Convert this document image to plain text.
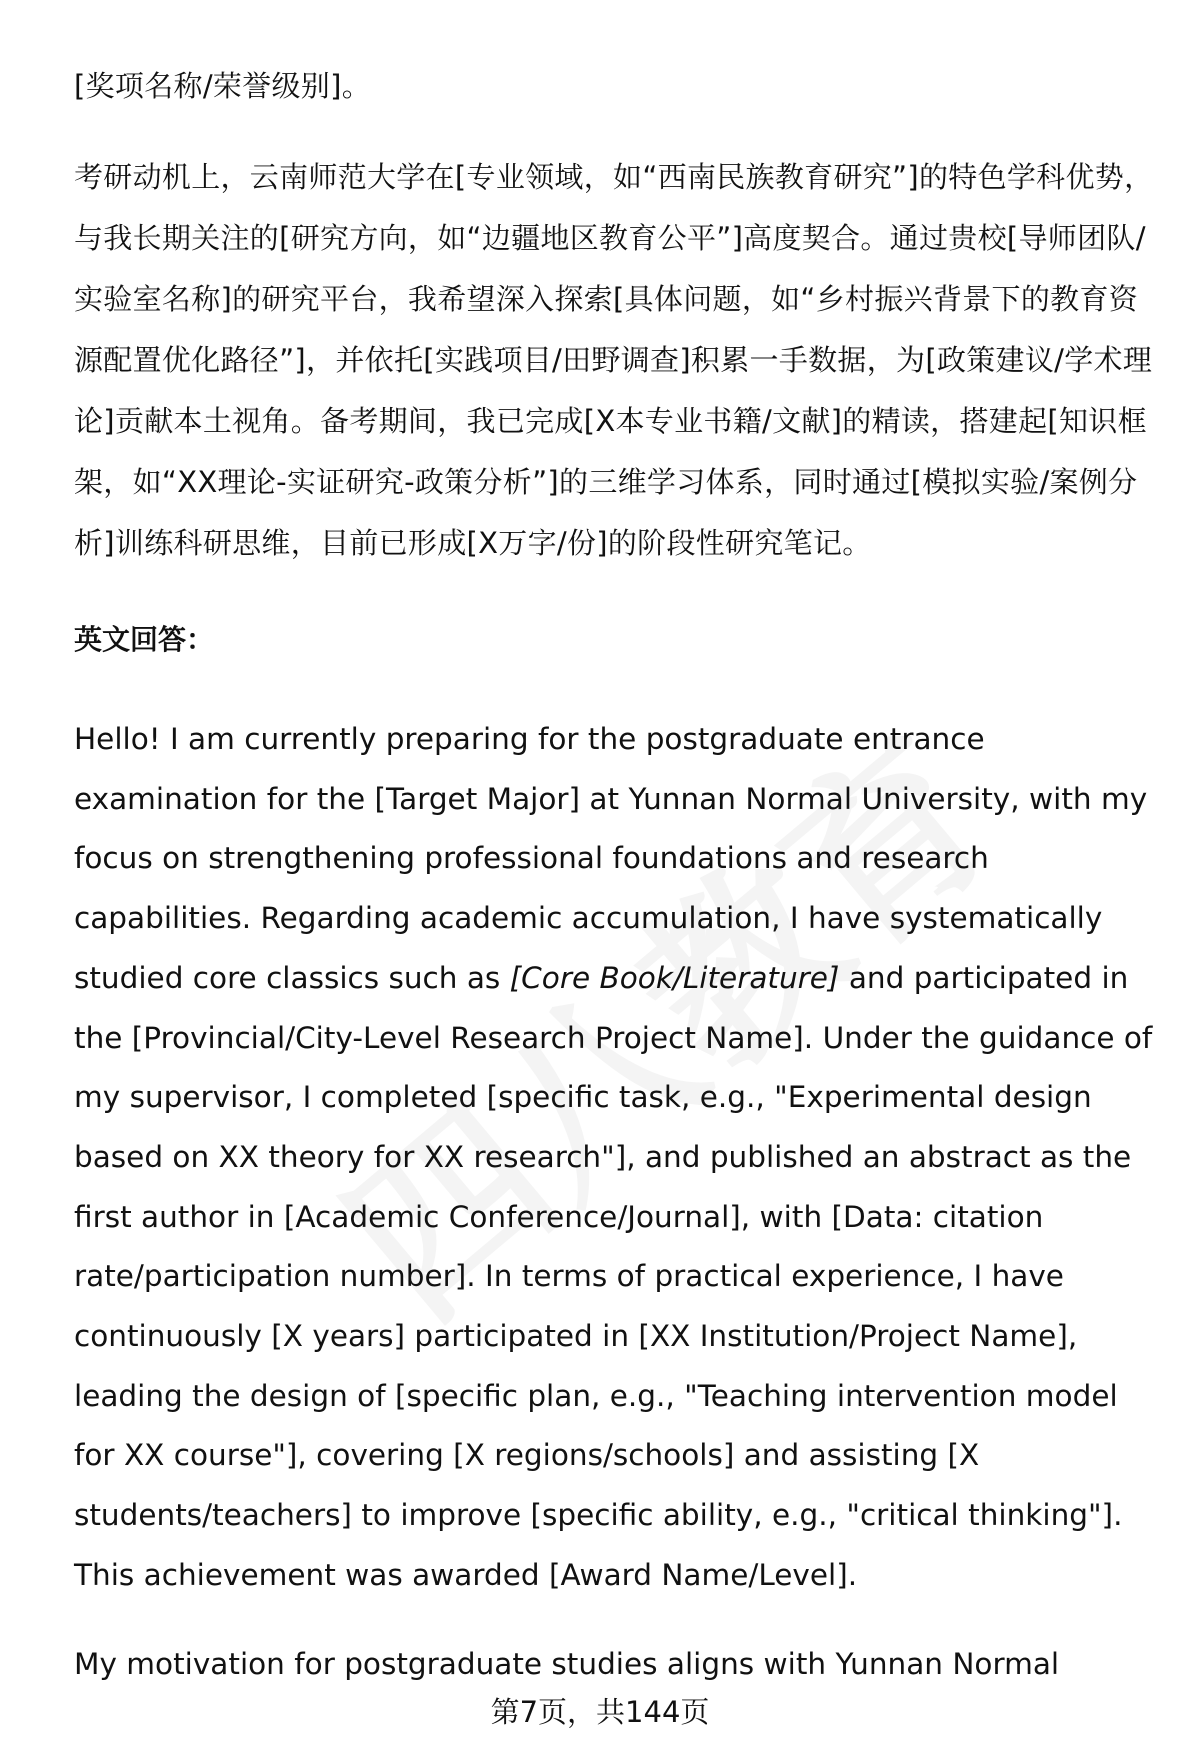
[奖项名称/荣誉级别]。

考研动机上，云南师范大学在[专业领域，如“西南民族教育研究”]的特色学科优势，与我长期关注的[研究方向，如“边疆地区教育公平”]高度契合。通过贵校[导师团队/实验室名称]的研究平台，我希望深入探索[具体问题，如“乡村振兴背景下的教育资源配置优化路径”]，并依托[实践项目/田野调查]积累一手数据，为[政策建议/学术理论]贡献本土视角。备考期间，我已完成[X本专业书籍/文献]的精读，搭建起[知识框架，如“XX理论-实证研究-政策分析”]的三维学习体系，同时通过[模拟实验/案例分析]训练科研思维，目前已形成[X万字/份]的阶段性研究笔记。

英文回答：

Hello! I am currently preparing for the postgraduate entrance examination for the [Target Major] at Yunnan Normal University, with my focus on strengthening professional foundations and research capabilities. Regarding academic accumulation, I have systematically studied core classics such as [Core Book/Literature] and participated in the [Provincial/City-Level Research Project Name]. Under the guidance of my supervisor, I completed [specific task, e.g., "Experimental design based on XX theory for XX research"], and published an abstract as the first author in [Academic Conference/Journal], with [Data: citation rate/participation number]. In terms of practical experience, I have continuously [X years] participated in [XX Institution/Project Name], leading the design of [specific plan, e.g., "Teaching intervention model for XX course"], covering [X regions/schools] and assisting [X students/teachers] to improve [specific ability, e.g., "critical thinking"]. This achievement was awarded [Award Name/Level].

My motivation for postgraduate studies aligns with Yunnan Normal

第7页，共144页
